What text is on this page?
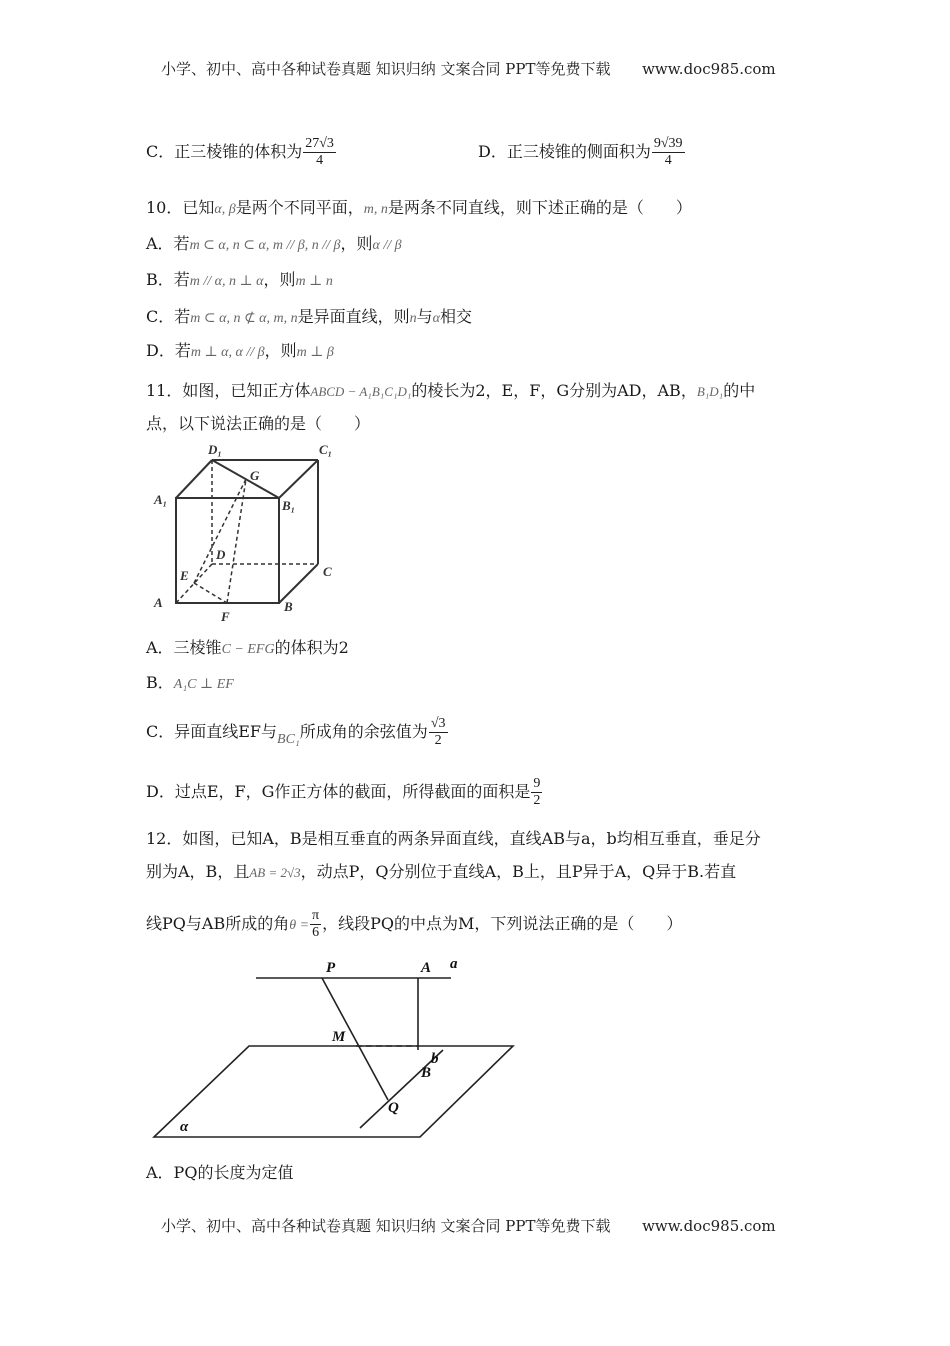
小学、初中、高中各种试卷真题 知识归纳 文案合同 PPT等免费下载 www.doc985.com
C．正三棱锥的体积为 $\frac{27√3}{4}$	D．正三棱锥的侧面积为 $\frac{9√39}{4}$
10．已知α, β是两个不同平面，m, n是两条不同直线，则下述正确的是（　　）
A．若m ⊂ α, n ⊂ α, m // β, n // β，则α // β
B．若m // α, n ⊥ α，则m ⊥ n
C．若m ⊂ α, n ⊄ α, m, n是异面直线，则n与α相交
D．若m ⊥ α, α // β，则m ⊥ β
11．如图，已知正方体ABCD − A₁B₁C₁D₁的棱长为2，E，F，G分别为AD，AB，B₁D₁的中
点，以下说法正确的是（　　）
D₁	C₁
A₁	B₁
G
D
C
E
A
F
B
A．三棱锥C − EFG的体积为2
B．A₁C ⊥ EF
C．异面直线EF与BC₁所成角的余弦值为 $\frac{√3}{2}$
D．过点E，F，G作正方体的截面，所得截面的面积是 $\frac{9}{2}$
12．如图，已知A，B是相互垂直的两条异面直线，直线AB与a，b均相互垂直，垂足分
别为A，B，且AB = 2√3，动点P，Q分别位于直线A，B上，且P异于A，Q异于B.若直
线PQ与AB所成的角$\theta = \frac{\pi}{6}$ ，线段PQ的中点为M，下列说法正确的是（　　）
P	A a
M
b
B
Q
α
A．PQ的长度为定值
小学、初中、高中各种试卷真题 知识归纳 文案合同 PPT等免费下载 www.doc985.com
